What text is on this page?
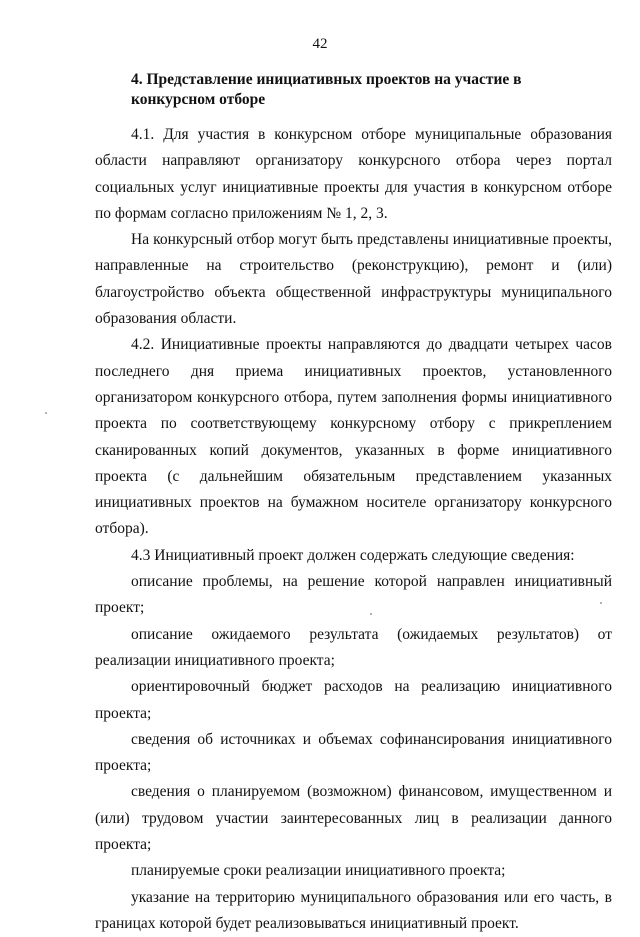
42
4. Представление инициативных проектов на участие в конкурсном отборе

4.1. Для участия в конкурсном отборе муниципальные образования области направляют организатору конкурсного отбора через портал социальных услуг инициативные проекты для участия в конкурсном отборе по формам согласно приложениям № 1, 2, 3.

На конкурсный отбор могут быть представлены инициативные проекты, направленные на строительство (реконструкцию), ремонт и (или) благоустройство объекта общественной инфраструктуры муниципального образования области.

4.2. Инициативные проекты направляются до двадцати четырех часов последнего дня приема инициативных проектов, установленного организатором конкурсного отбора, путем заполнения формы инициативного проекта по соответствующему конкурсному отбору с прикреплением сканированных копий документов, указанных в форме инициативного проекта (с дальнейшим обязательным представлением указанных инициативных проектов на бумажном носителе организатору конкурсного отбора).

4.3 Инициативный проект должен содержать следующие сведения:

описание проблемы, на решение которой направлен инициативный проект;

описание ожидаемого результата (ожидаемых результатов) от реализации инициативного проекта;

ориентировочный бюджет расходов на реализацию инициативного проекта;

сведения об источниках и объемах софинансирования инициативного проекта;

сведения о планируемом (возможном) финансовом, имущественном и (или) трудовом участии заинтересованных лиц в реализации данного проекта;

планируемые сроки реализации инициативного проекта;

указание на территорию муниципального образования или его часть, в границах которой будет реализовываться инициативный проект.
